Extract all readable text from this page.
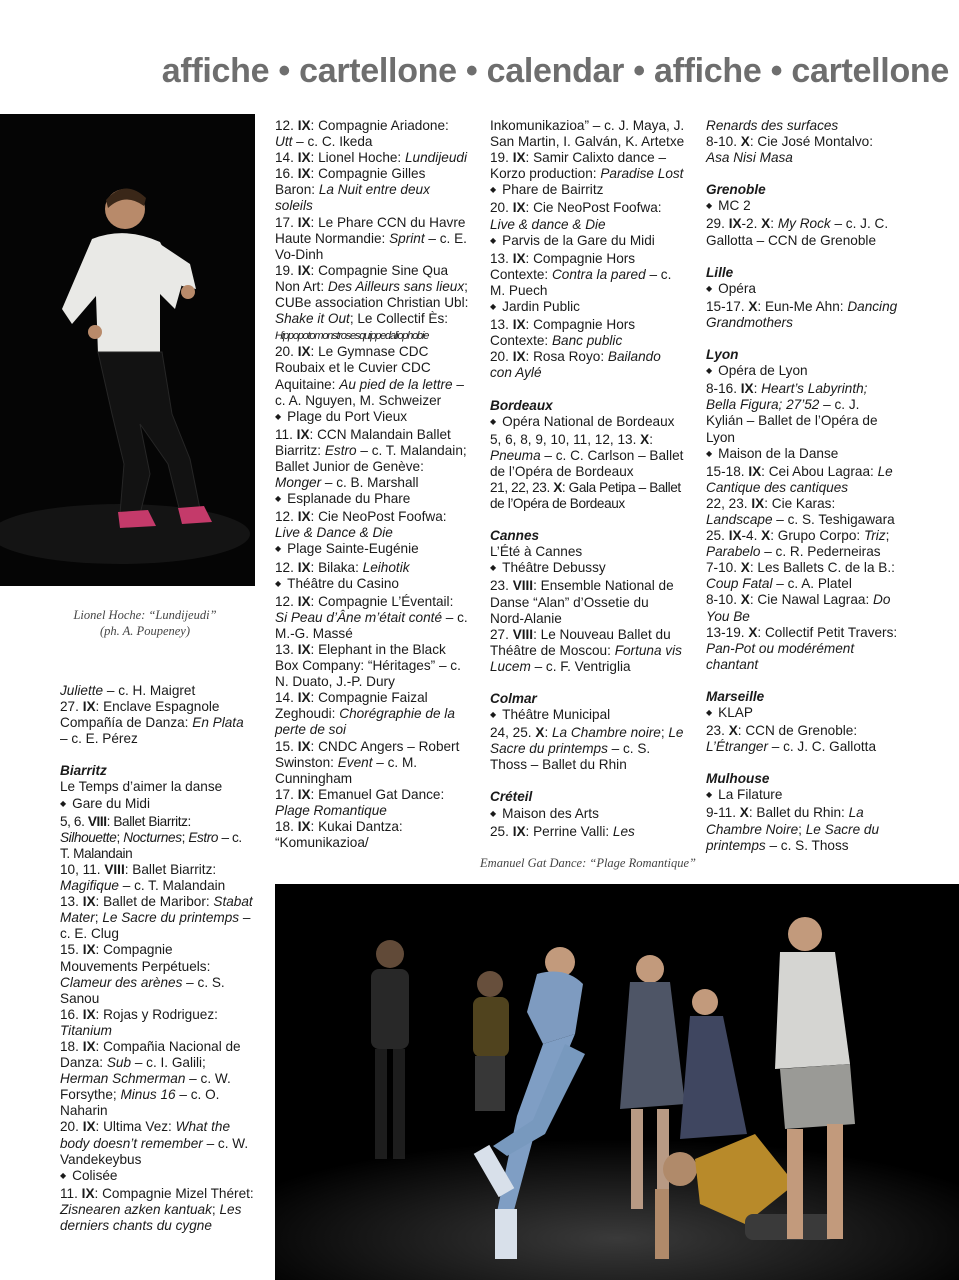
affiche • cartellone • calendar • affiche • cartellone
Lionel Hoche: “Lundijeudi”
(ph. A. Poupeney)

Juliette – c. H. Maigret

27. IX: Enclave Espagnole Compañía de Danza: En Plata – c. E. Pérez

Biarritz

Le Temps d’aimer la danse

◆ Gare du Midi

5, 6. VIII: Ballet Biarritz: Silhouette; Nocturnes; Estro – c. T. Malandain

10, 11. VIII: Ballet Biarritz: Magifique – c. T. Malandain

13. IX: Ballet de Maribor: Stabat Mater; Le Sacre du printemps – c. E. Clug

15. IX: Compagnie Mouvements Perpétuels: Clameur des arènes – c. S. Sanou

16. IX: Rojas y Rodriguez: Titanium

18. IX: Compañia Nacional de Danza: Sub – c. I. Galili; Herman Schmerman – c. W. Forsythe; Minus 16 – c. O. Naharin

20. IX: Ultima Vez: What the body doesn’t remember – c. W. Vandekeybus

◆ Colisée

11. IX: Compagnie Mizel Théret: Zisnearen azken kantuak; Les derniers chants du cygne

12. IX: Compagnie Ariadone: Utt – c. C. Ikeda

14. IX: Lionel Hoche: Lundijeudi

16. IX: Compagnie Gilles Baron: La Nuit entre deux soleils

17. IX: Le Phare CCN du Havre Haute Normandie: Sprint – c. E. Vo-Dinh

19. IX: Compagnie Sine Qua Non Art: Des Ailleurs sans lieux; CUBe association Christian Ubl: Shake it Out; Le Collectif Ès: Hippopotomonstrosesquippedaliophobie

20. IX: Le Gymnase CDC Roubaix et le Cuvier CDC Aquitaine: Au pied de la lettre – c. A. Nguyen, M. Schweizer

◆ Plage du Port Vieux

11. IX: CCN Malandain Ballet Biarritz: Estro – c. T. Malandain; Ballet Junior de Genève: Monger – c. B. Marshall

◆ Esplanade du Phare

12. IX: Cie NeoPost Foofwa: Live & Dance & Die

◆ Plage Sainte-Eugénie

12. IX: Bilaka: Leihotik

◆ Théâtre du Casino

12. IX: Compagnie L’Éventail: Si Peau d’Âne m’était conté – c. M.-G. Massé

13. IX: Elephant in the Black Box Company: “Héritages” – c. N. Duato, J.-P. Dury

14. IX: Compagnie Faizal Zeghoudi: Chorégraphie de la perte de soi

15. IX: CNDC Angers – Robert Swinston: Event – c. M. Cunningham

17. IX: Emanuel Gat Dance: Plage Romantique

18. IX: Kukai Dantza: “Komunikazioa/

Inkomunikazioa” – c. J. Maya, J. San Martin, I. Galván, K. Artetxe

19. IX: Samir Calixto dance – Korzo production: Paradise Lost

◆ Phare de Bairritz

20. IX: Cie NeoPost Foofwa: Live & dance & Die

◆ Parvis de la Gare du Midi

13. IX: Compagnie Hors Contexte: Contra la pared – c. M. Puech

◆ Jardin Public

13. IX: Compagnie Hors Contexte: Banc public

20. IX: Rosa Royo: Bailando con Aylé

Bordeaux

◆ Opéra National de Bordeaux

5, 6, 8, 9, 10, 11, 12, 13. X: Pneuma – c. C. Carlson – Ballet de l’Opéra de Bordeaux

21, 22, 23. X: Gala Petipa – Ballet de l’Opéra de Bordeaux

Cannes

L’Été à Cannes

◆ Théâtre Debussy

23. VIII: Ensemble National de Danse “Alan” d’Ossetie du Nord-Alanie

27. VIII: Le Nouveau Ballet du Théâtre de Moscou: Fortuna vis Lucem – c. F. Ventriglia

Colmar

◆ Théâtre Municipal

24, 25. X: La Chambre noire; Le Sacre du printemps – c. S. Thoss – Ballet du Rhin

Créteil

◆ Maison des Arts

25. IX: Perrine Valli: Les

Renards des surfaces

8-10. X: Cie José Montalvo: Asa Nisi Masa

Grenoble

◆ MC 2

29. IX-2. X: My Rock – c. J. C. Gallotta – CCN de Grenoble

Lille

◆ Opéra

15-17. X: Eun-Me Ahn: Dancing Grandmothers

Lyon

◆ Opéra de Lyon

8-16. IX: Heart’s Labyrinth; Bella Figura; 27’52 – c. J. Kylián – Ballet de l’Opéra de Lyon

◆ Maison de la Danse

15-18. IX: Cei Abou Lagraa: Le Cantique des cantiques

22, 23. IX: Cie Karas: Landscape – c. S. Teshigawara

25. IX-4. X: Grupo Corpo: Triz; Parabelo – c. R. Pederneiras

7-10. X: Les Ballets C. de la B.: Coup Fatal – c. A. Platel

8-10. X: Cie Nawal Lagraa: Do You Be

13-19. X: Collectif Petit Travers: Pan-Pot ou modérément chantant

Marseille

◆ KLAP

23. X: CCN de Grenoble: L’Étranger – c. J. C. Gallotta

Mulhouse

◆ La Filature

9-11. X: Ballet du Rhin: La Chambre Noire; Le Sacre du printemps – c. S. Thoss

Emanuel Gat Dance: “Plage Romantique”
